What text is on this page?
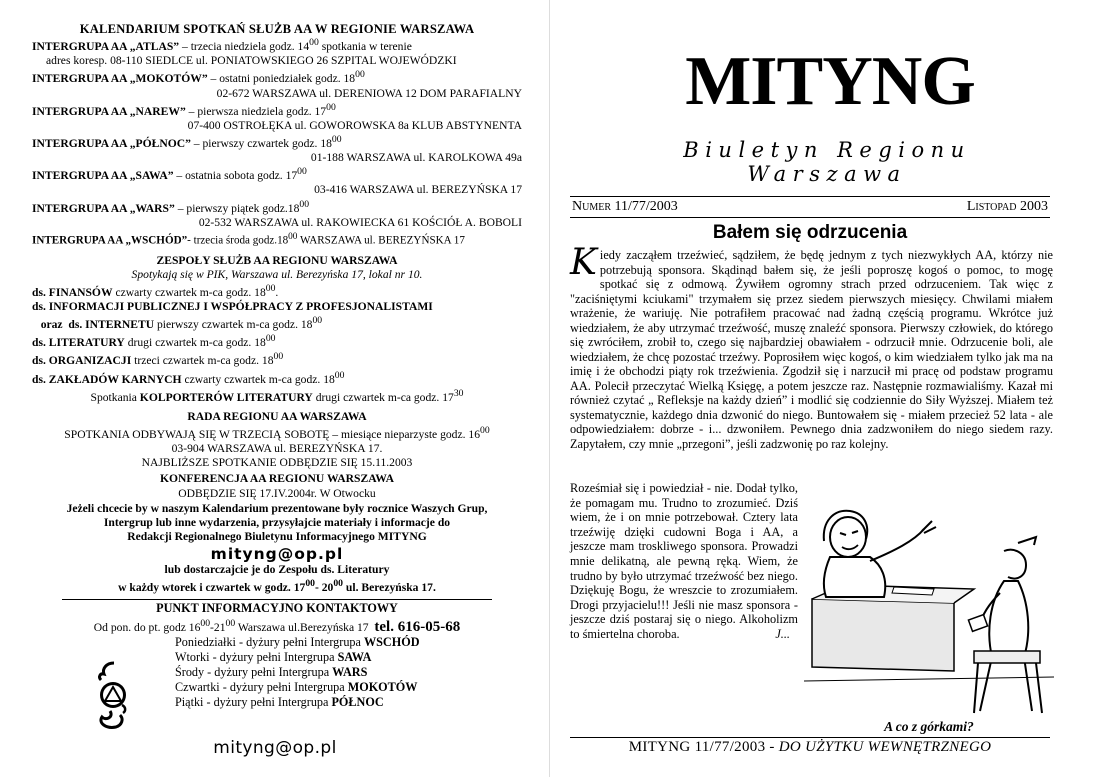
KALENDARIUM SPOTKAŃ SŁUŻB AA W REGIONIE WARSZAWA
INTERGRUPA AA „ATLAS” – trzecia niedziela godz. $14^{00}$ spotkania w terenie
adres koresp. 08-110 SIEDLCE ul. PONIATOWSKIEGO 26 SZPITAL WOJEWÓDZKI
INTERGRUPA AA „MOKOTÓW” – ostatni poniedziałek godz. $18^{00}$
02-672 WARSZAWA ul. DERENIOWA 12 DOM PARAFIALNY
INTERGRUPA AA „NAREW” – pierwsza niedziela godz. $17^{00}$
07-400 OSTROŁĘKA ul. GOWOROWSKA 8a KLUB ABSTYNENTA
INTERGRUPA AA „PÓŁNOC” – pierwszy czwartek godz. $18^{00}$
01-188 WARSZAWA ul. KAROLKOWA 49a
INTERGRUPA AA „SAWA” – ostatnia sobota godz. $17^{00}$
03-416 WARSZAWA ul. BEREZYŃSKA 17
INTERGRUPA AA „WARS” – pierwszy piątek $godz.18^{00}$
02-532 WARSZAWA ul. RAKOWIECKA 61 KOŚCIÓŁ A. BOBOLI
INTERGRUPA AA „WSCHÓD”- trzecia środa $godz.18^{00}$ WARSZAWA ul. BEREZYŃSKA 17
ZESPOŁY SŁUŻB AA REGIONU WARSZAWA
Spotykają się w PIK, Warszawa ul. Berezyńska 17, lokal nr 10.
ds. FINANSÓW czwarty czwartek m-ca godz. $18^{00}$.
ds. INFORMACJI PUBLICZNEJ I WSPÓŁPRACY Z PROFESJONALISTAMI
oraz  ds. INTERNETU pierwszy czwartek m-ca godz. $18^{00}$
ds. LITERATURY drugi czwartek m-ca godz. $18^{00}$
ds. ORGANIZACJI trzeci czwartek m-ca godz. $18^{00}$
ds. ZAKŁADÓW KARNYCH czwarty czwartek m-ca godz. $18^{00}$
Spotkania KOLPORTERÓW LITERATURY drugi czwartek m-ca godz. $17^{30}$
RADA REGIONU AA WARSZAWA
SPOTKANIA ODBYWAJĄ SIĘ W TRZECIĄ SOBOTĘ – miesiące nieparzyste godz. $16^{00}$
03-904 WARSZAWA ul. BEREZYŃSKA 17.
NAJBLIŻSZE SPOTKANIE ODBĘDZIE SIĘ 15.11.2003
KONFERENCJA AA REGIONU WARSZAWA
ODBĘDZIE SIĘ 17.IV.2004r. W Otwocku
Jeżeli chcecie by w naszym Kalendarium prezentowane były rocznice Waszych Grup,
Intergrup lub inne wydarzenia, przysyłajcie materiały i informacje do
Redakcji Regionalnego Biuletynu Informacyjnego MITYNG
mityng@op.pl
lub dostarczajcie je do Zespołu ds. Literatury
w każdy wtorek i czwartek w godz. $17^{00}-$ $20^{00}$ ul. Berezyńska 17.
PUNKT INFORMACYJNO KONTAKTOWY
Od pon. do pt. godz $16^{00}-21^{00}$ Warszawa ul.Berezyńska 17  tel. 616-05-68
Poniedziałki - dyżury pełni Intergrupa WSCHÓD
Wtorki - dyżury pełni Intergrupa SAWA
Środy - dyżury pełni Intergrupa WARS
Czwartki - dyżury pełni Intergrupa MOKOTÓW
Piątki - dyżury pełni Intergrupa PÓŁNOC
mityng@op.pl
MITYNG
Biuletyn Regionu Warszawa
Numer 11/77/2003	Listopad 2003
Bałem się odrzucenia
Kiedy zacząłem trzeźwieć, sądziłem, że będę jednym z tych niezwykłych AA, którzy nie potrzebują sponsora. Skądinąd bałem się, że jeśli poproszę kogoś o pomoc, to mogę spotkać się z odmową. Żywiłem ogromny strach przed odrzuceniem. Tak więc z "zaciśniętymi kciukami" trzymałem się przez siedem pierwszych miesięcy. Chwilami miałem wrażenie, że wariuję. Nie potrafiłem pracować nad żadną częścią programu. Wkrótce już wiedziałem, że aby utrzymać trzeźwość, muszę znaleźć sponsora. Pierwszy człowiek, do którego się zwróciłem, zrobił to, czego się najbardziej obawiałem - odrzucił mnie. Odrzucenie boli, ale wiedziałem, że chcę pozostać trzeźwy. Poprosiłem więc kogoś, o kim wiedziałem tylko jak ma na imię i że obchodzi piąty rok trzeźwienia. Zgodził się i narzucił mi pracę od podstaw programu AA. Polecił przeczytać Wielką Księgę, a potem jeszcze raz. Następnie rozmawialiśmy. Kazał mi również czytać „ Refleksje na każdy dzień” i modlić się codziennie do Siły Wyższej. Miałem też systematycznie, każdego dnia dzwonić do niego. Buntowałem się - miałem przecież 52 lata - ale odpowiedziałem: dobrze - i... dzwoniłem. Pewnego dnia zadzwoniłem do niego siedem razy. Zapytałem, czy mnie „przegoni”, jeśli zadzwonię po raz kolejny.
Roześmiał się i powiedział - nie. Dodał tylko, że pomagam mu. Trudno to zrozumieć. Dziś wiem, że i on mnie potrzebował. Cztery lata trzeźwiję dzięki cudowni Boga i AA, a jeszcze mam troskliwego sponsora. Prowadzi mnie delikatną, ale pewną ręką. Wiem, że trudno by było utrzymać trzeźwość bez niego. Dziękuję Bogu, że wreszcie to zrozumiałem. Drogi przyjacielu!!! Jeśli nie masz sponsora - jeszcze dziś postaraj się o niego. Alkoholizm to śmiertelna choroba.	J...
A co z górkami?
MITYNG 11/77/2003 - DO UŻYTKU WEWNĘTRZNEGO
